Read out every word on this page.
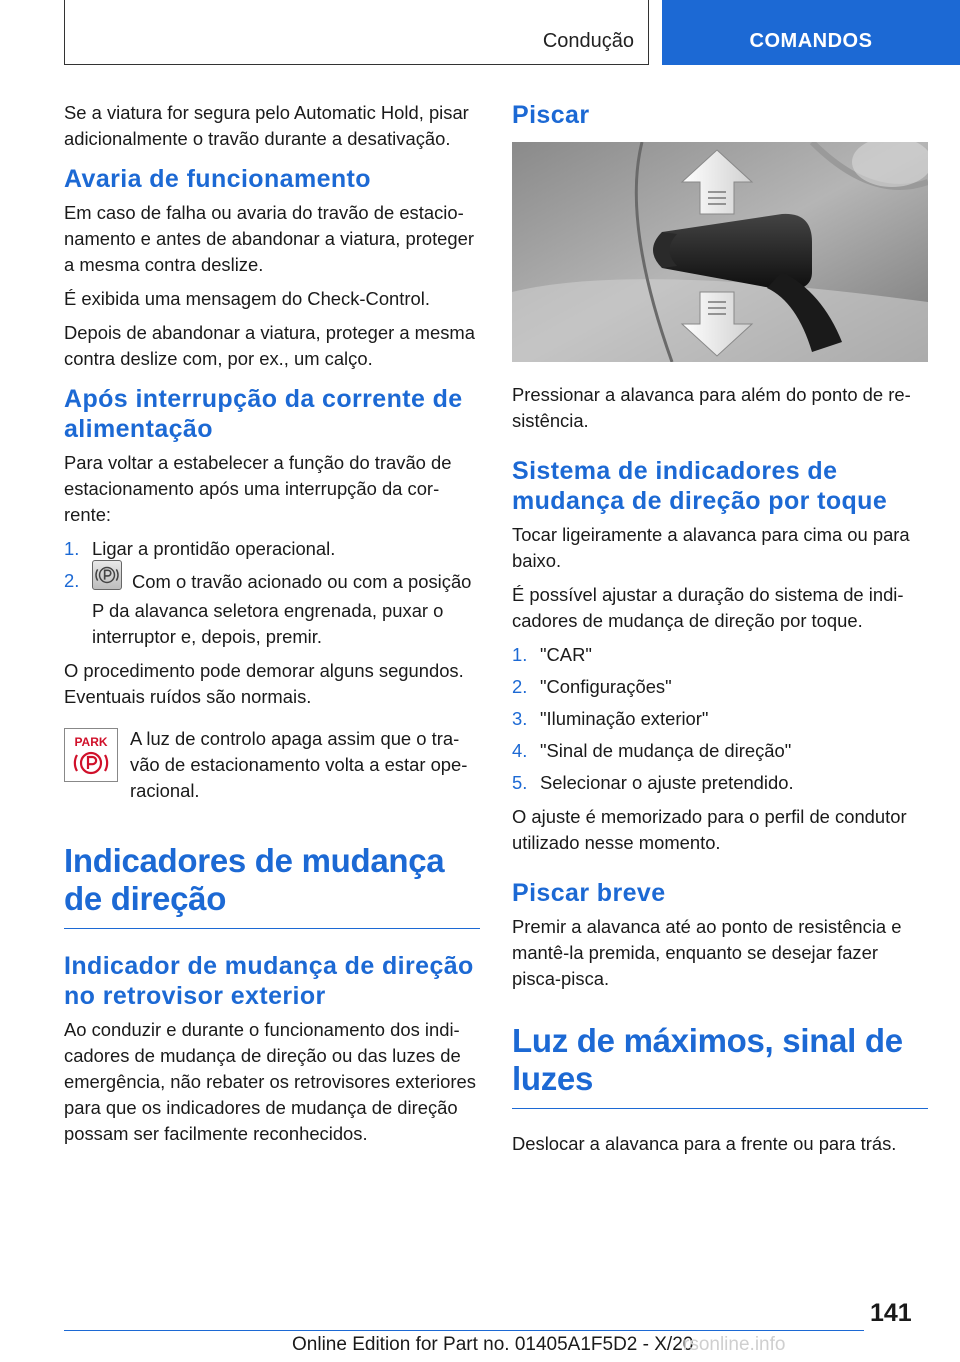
Condução	COMANDOS

Se a viatura for segura pelo Automatic Hold, pisar adicionalmente o travão durante a desativação.

Avaria de funcionamento

Em caso de falha ou avaria do travão de estacionamento e antes de abandonar a viatura, proteger a mesma contra deslize.

É exibida uma mensagem do Check-Control.

Depois de abandonar a viatura, proteger a mesma contra deslize com, por ex., um calço.

Após interrupção da corrente de alimentação

Para voltar a estabelecer a função do travão de estacionamento após uma interrupção da corrente:

1. Ligar a prontidão operacional.
2.	Com o travão acionado ou com a posição P da alavanca seletora engrenada, puxar o interruptor e, depois, premir.

O procedimento pode demorar alguns segundos. Eventuais ruídos são normais.

PARK A luz de controlo apaga assim que o travão de estacionamento volta a estar operacional.

Indicadores de mudança de direção
Indicador de mudança de direção no retrovisor exterior

Ao conduzir e durante o funcionamento dos indicadores de mudança de direção ou das luzes de emergência, não rebater os retrovisores exteriores para que os indicadores de mudança de direção possam ser facilmente reconhecidos.

Piscar

Pressionar a alavanca para além do ponto de resistência.

Sistema de indicadores de mudança de direção por toque

Tocar ligeiramente a alavanca para cima ou para baixo.

É possível ajustar a duração do sistema de indicadores de mudança de direção por toque.

1. "CAR"
2. "Configurações"
3. "Iluminação exterior"
4. "Sinal de mudança de direção"
5. Selecionar o ajuste pretendido.

O ajuste é memorizado para o perfil de condutor utilizado nesse momento.

Piscar breve

Premir a alavanca até ao ponto de resistência e mantê-la premida, enquanto se desejar fazer pisca-pisca.

Luz de máximos, sinal de luzes

Deslocar a alavanca para a frente ou para trás.

141
Online Edition for Part no. 01405A1F5D2 - X/20
rsonline.info
